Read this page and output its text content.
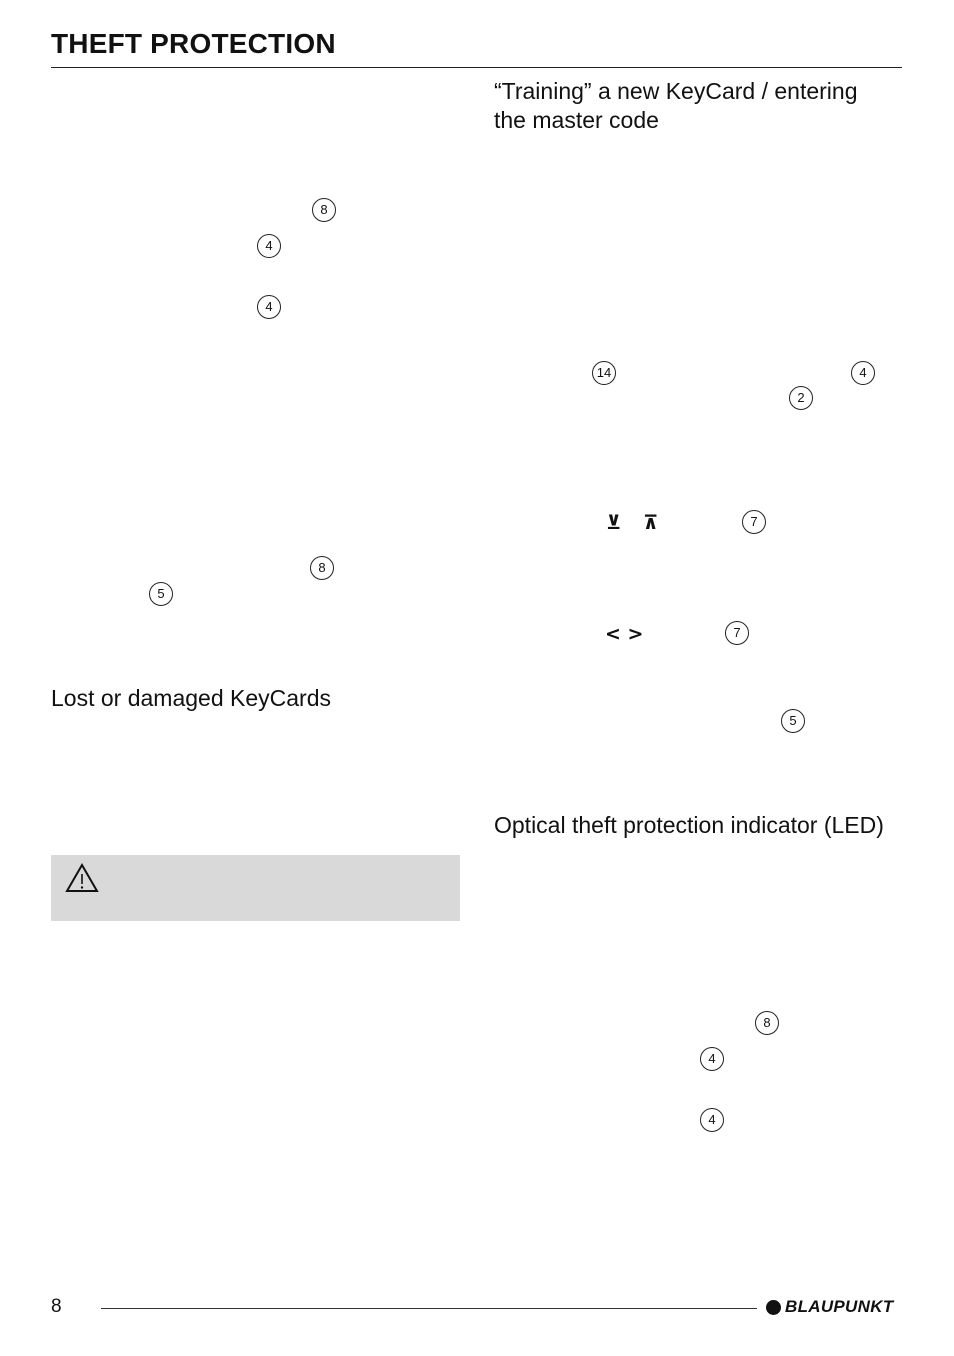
THEFT PROTECTION
“Training” a new KeyCard / entering the master code
8
4
4
8
5
Lost or damaged KeyCards
14	4
2
⊻ ⊼	7
< >	7
5
Optical theft protection indicator (LED)
8
4
4
8	BLAUPUNKT
